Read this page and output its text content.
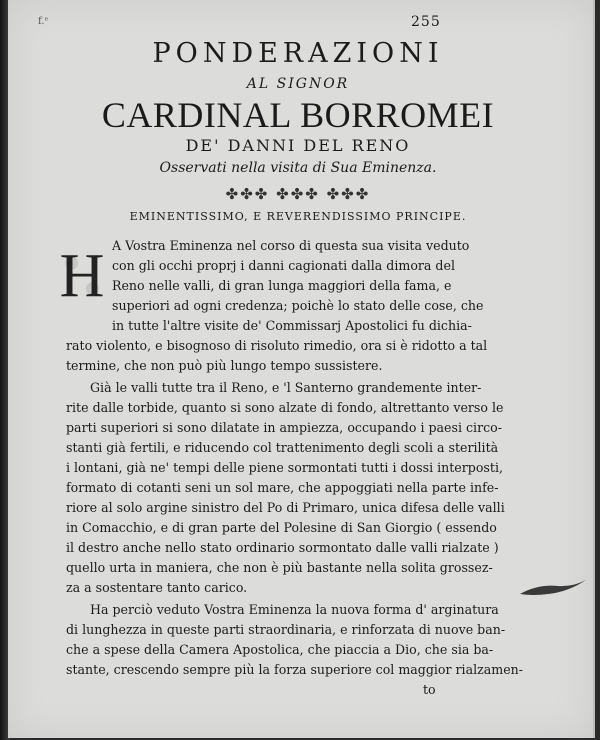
f.ᵉ	255
PONDERAZIONI
AL SIGNOR
CARDINAL BORROMEI
DE' DANNI DEL RENO
Osservati nella visita di Sua Eminenza.
✤✤✤ ✤✤✤ ✤✤✤
EMINENTISSIMO, E REVERENDISSIMO PRINCIPE.
H A Vostra Eminenza nel corso di questa sua visita veduto
con gli occhi proprj i danni cagionati dalla dimora del
Reno nelle valli, di gran lunga maggiori della fama, e
superiori ad ogni credenza; poichè lo stato delle cose, che
in tutte l'altre visite de' Commissarj Apostolici fu dichia-
rato violento, e bisognoso di risoluto rimedio, ora si è ridotto a tal
termine, che non può più lungo tempo sussistere.
Già le valli tutte tra il Reno, e 'l Santerno grandemente inter-
rite dalle torbide, quanto si sono alzate di fondo, altrettanto verso le
parti superiori si sono dilatate in ampiezza, occupando i paesi circo-
stanti già fertili, e riducendo col trattenimento degli scoli a sterilità
i lontani, già ne' tempi delle piene sormontati tutti i dossi interposti,
formato di cotanti seni un sol mare, che appoggiati nella parte infe-
riore al solo argine sinistro del Po di Primaro, unica difesa delle valli
in Comacchio, e di gran parte del Polesine di San Giorgio ( essendo
il destro anche nello stato ordinario sormontato dalle valli rialzate )
quello urta in maniera, che non è più bastante nella solita grossez-
za a sostentare tanto carico.
Ha perciò veduto Vostra Eminenza la nuova forma d' arginatura
di lunghezza in queste parti straordinaria, e rinforzata di nuove ban-
che a spese della Camera Apostolica, che piaccia a Dio, che sia ba-
stante, crescendo sempre più la forza superiore col maggior rialzamen-
to
